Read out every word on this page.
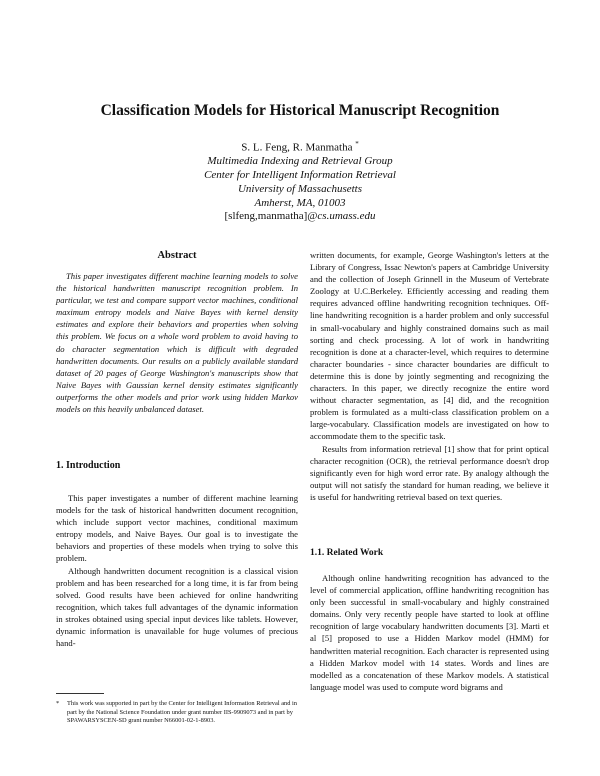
Classification Models for Historical Manuscript Recognition
S. L. Feng, R. Manmatha *
Multimedia Indexing and Retrieval Group
Center for Intelligent Information Retrieval
University of Massachusetts
Amherst, MA, 01003
[slfeng,manmatha]@cs.umass.edu
Abstract
This paper investigates different machine learning models to solve the historical handwritten manuscript recognition problem. In particular, we test and compare support vector machines, conditional maximum entropy models and Naive Bayes with kernel density estimates and explore their behaviors and properties when solving this problem. We focus on a whole word problem to avoid having to do character segmentation which is difficult with degraded handwritten documents. Our results on a publicly available standard dataset of 20 pages of George Washington's manuscripts show that Naive Bayes with Gaussian kernel density estimates significantly outperforms the other models and prior work using hidden Markov models on this heavily unbalanced dataset.
1. Introduction

This paper investigates a number of different machine learning models for the task of historical handwritten document recognition, which include support vector machines, conditional maximum entropy models, and Naive Bayes. Our goal is to investigate the behaviors and properties of these models when trying to solve this problem.

Although handwritten document recognition is a classical vision problem and has been researched for a long time, it is far from being solved. Good results have been achieved for online handwriting recognition, which takes full advantages of the dynamic information in strokes obtained using special input devices like tablets. However, dynamic information is unavailable for huge volumes of precious hand-

written documents, for example, George Washington's letters at the Library of Congress, Issac Newton's papers at Cambridge University and the collection of Joseph Grinnell in the Museum of Vertebrate Zoology at U.C.Berkeley. Efficiently accessing and reading them requires advanced offline handwriting recognition techniques. Off-line handwriting recognition is a harder problem and only successful in small-vocabulary and highly constrained domains such as mail sorting and check processing. A lot of work in handwriting recognition is done at a character-level, which requires to determine character boundaries - since character boundaries are difficult to determine this is done by jointly segmenting and recognizing the characters. In this paper, we directly recognize the entire word without character segmentation, as [4] did, and the recognition problem is formulated as a multi-class classification problem on a large-vocabulary. Classification models are investigated on how to accommodate them to the specific task.

Results from information retrieval [1] show that for print optical character recognition (OCR), the retrieval performance doesn't drop significantly even for high word error rate. By analogy although the output will not satisfy the standard for human reading, we believe it is useful for handwriting retrieval based on text queries.

1.1. Related Work

Although online handwriting recognition has advanced to the level of commercial application, offline handwriting recognition has only been successful in small-vocabulary and highly constrained domains. Only very recently people have started to look at offline recognition of large vocabulary handwritten documents [3]. Marti et al [5] proposed to use a Hidden Markov model (HMM) for handwritten material recognition. Each character is represented using a Hidden Markov model with 14 states. Words and lines are modelled as a concatenation of these Markov models. A statistical language model was used to compute word bigrams and

*	This work was supported in part by the Center for Intelligent Information Retrieval and in part by the National Science Foundation under grant number IIS-9909073 and in part by SPAWARSYSCEN-SD grant number N66001-02-1-8903.
